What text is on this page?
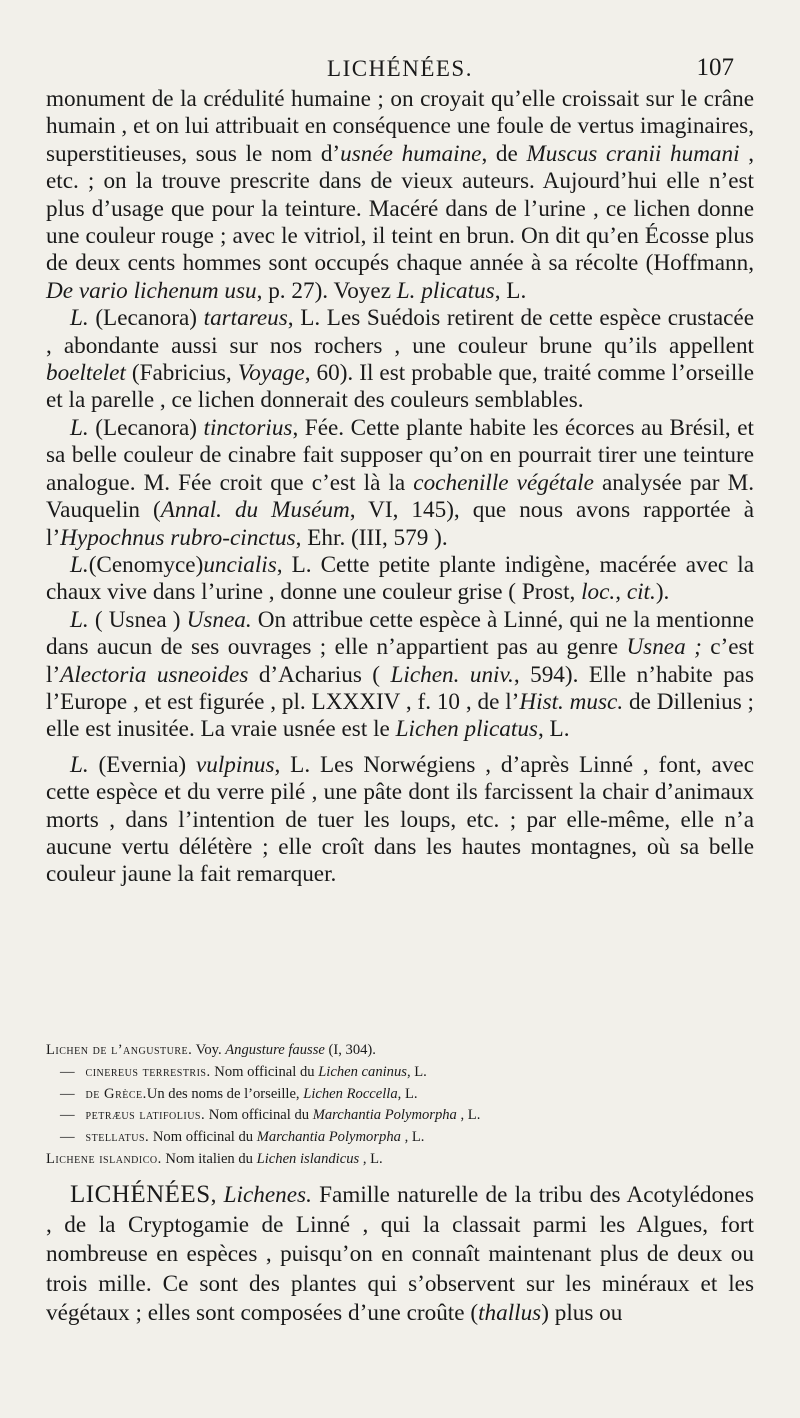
LICHÉNÉES.	107

monument de la crédulité humaine ; on croyait qu’elle croissait sur le crâne humain , et on lui attribuait en conséquence une foule de vertus imaginaires, superstitieuses, sous le nom d’usnée humaine, de Muscus cranii humani , etc. ; on la trouve prescrite dans de vieux auteurs. Aujourd’hui elle n’est plus d’usage que pour la teinture. Macéré dans de l’urine , ce lichen donne une couleur rouge ; avec le vitriol, il teint en brun. On dit qu’en Écosse plus de deux cents hommes sont occupés chaque année à sa récolte (Hoffmann, De vario lichenum usu, p. 27). Voyez L. plicatus, L.

L. (Lecanora) tartareus, L. Les Suédois retirent de cette espèce crustacée , abondante aussi sur nos rochers , une couleur brune qu’ils appellent boeltelet (Fabricius, Voyage, 60). Il est probable que, traité comme l’orseille et la parelle , ce lichen donnerait des couleurs semblables.

L. (Lecanora) tinctorius, Fée. Cette plante habite les écorces au Brésil, et sa belle couleur de cinabre fait supposer qu’on en pourrait tirer une teinture analogue. M. Fée croit que c’est là la cochenille végétale analysée par M. Vauquelin (Annal. du Muséum, VI, 145), que nous avons rapportée à l’Hypochnus rubro-cinctus, Ehr. (III, 579 ).

L.(Cenomyce)uncialis, L. Cette petite plante indigène, macérée avec la chaux vive dans l’urine , donne une couleur grise ( Prost, loc., cit.).

L. ( Usnea ) Usnea. On attribue cette espèce à Linné, qui ne la mentionne dans aucun de ses ouvrages ; elle n’appartient pas au genre Usnea ; c’est l’Alectoria usneoides d’Acharius ( Lichen. univ., 594). Elle n’habite pas l’Europe , et est figurée , pl. LXXXIV , f. 10 , de l’Hist. musc. de Dillenius ; elle est inusitée. La vraie usnée est le Lichen plicatus, L.

L. (Evernia) vulpinus, L. Les Norwégiens , d’après Linné , font, avec cette espèce et du verre pilé , une pâte dont ils farcissent la chair d’animaux morts , dans l’intention de tuer les loups, etc. ; par elle-même, elle n’a aucune vertu délétère ; elle croît dans les hautes montagnes, où sa belle couleur jaune la fait remarquer.

Lichen de l’angusture. Voy. Angusture fausse (I, 304).
— cinereus terrestris. Nom officinal du Lichen caninus, L.
— de Grèce.Un des noms de l’orseille, Lichen Roccella, L.
— petræus latifolius. Nom officinal du Marchantia Polymorpha , L.
— stellatus. Nom officinal du Marchantia Polymorpha , L.
Lichene islandico. Nom italien du Lichen islandicus , L.

LICHÉNÉES, Lichenes. Famille naturelle de la tribu des Acotylédones , de la Cryptogamie de Linné , qui la classait parmi les Algues, fort nombreuse en espèces , puisqu’on en connaît maintenant plus de deux ou trois mille. Ce sont des plantes qui s’observent sur les minéraux et les végétaux ; elles sont composées d’une croûte (thallus) plus ou
